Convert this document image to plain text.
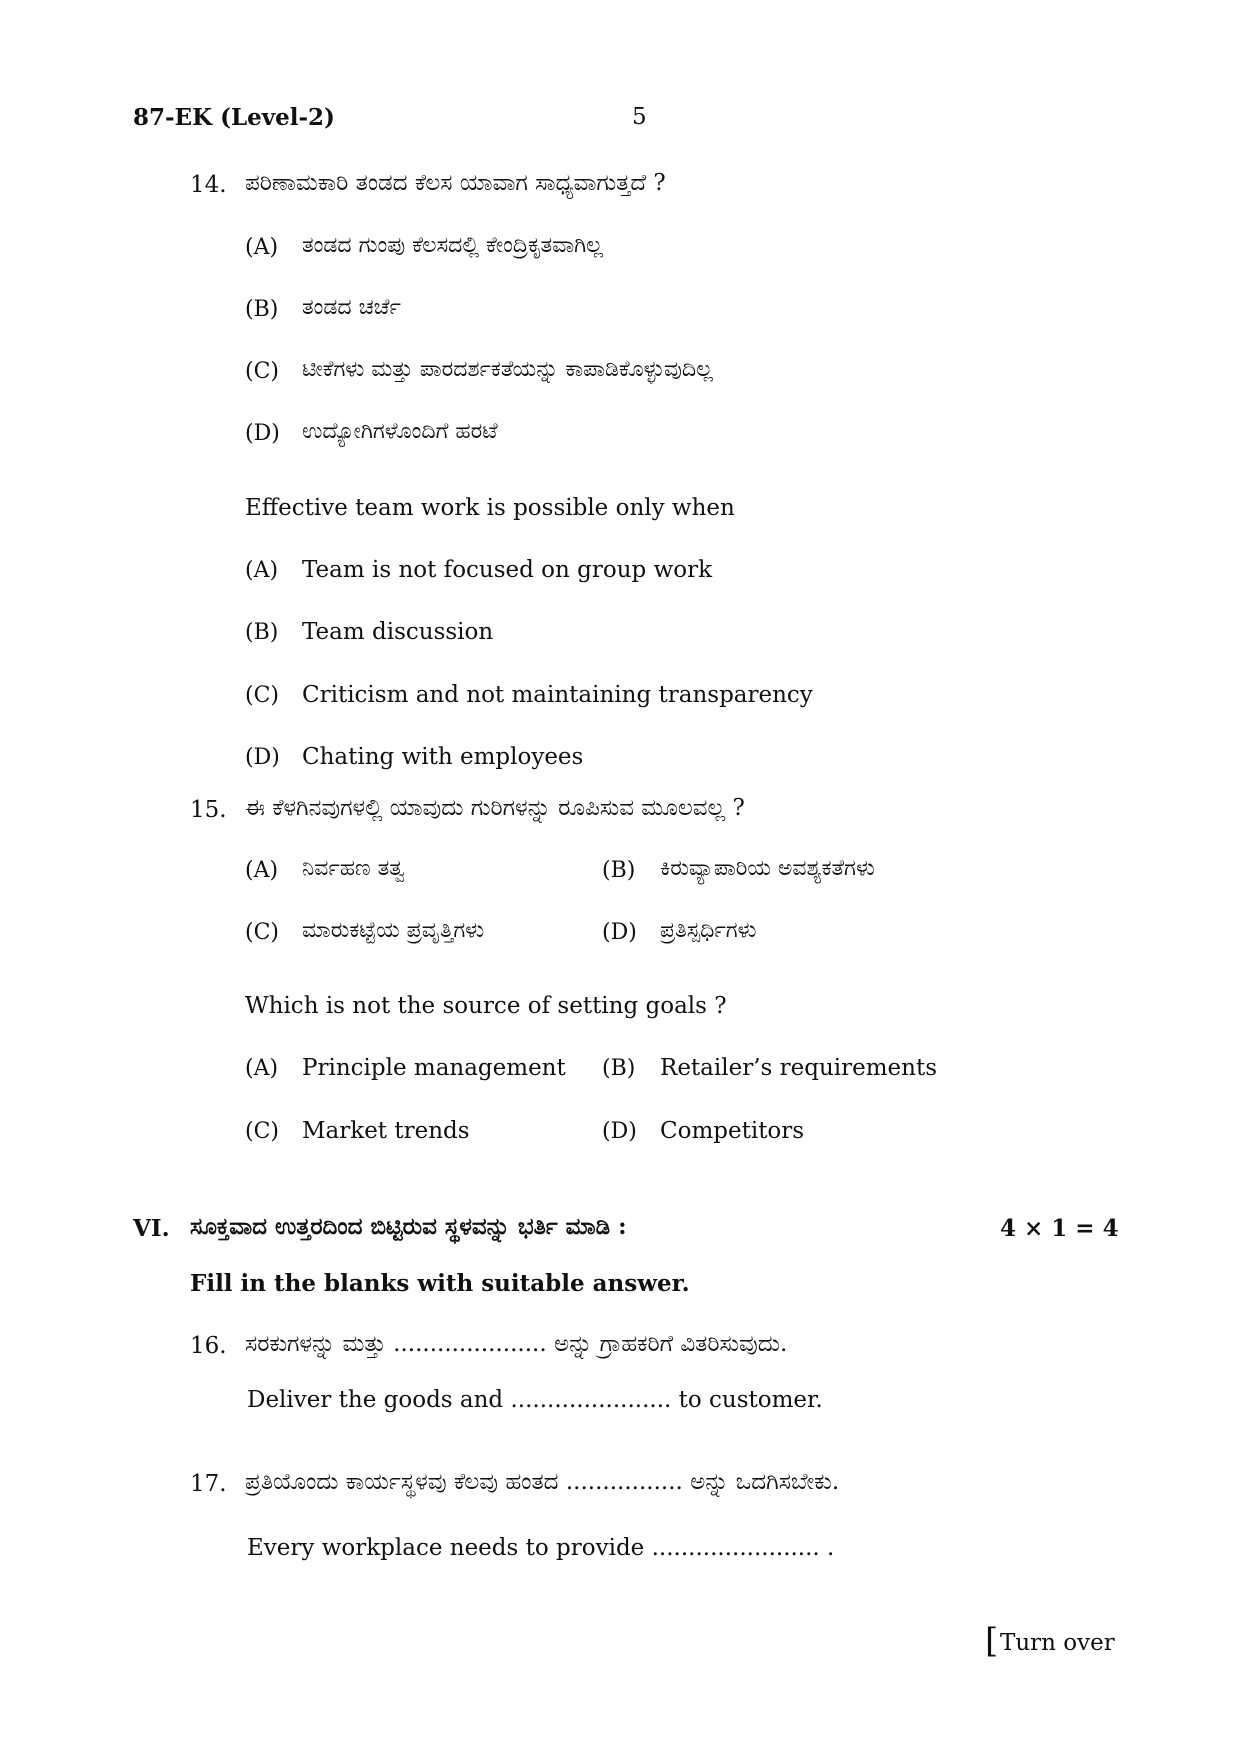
87-EK (Level-2)	5
14. ಪರಿಣಾಮಕಾರಿ ತಂಡದ ಕೆಲಸ ಯಾವಾಗ ಸಾಧ್ಯವಾಗುತ್ತದೆ ?
(A) ತಂಡದ ಗುಂಪು ಕೆಲಸದಲ್ಲಿ ಕೇಂದ್ರಿಕೃತವಾಗಿಲ್ಲ
(B) ತಂಡದ ಚರ್ಚೆ
(C) ಟೀಕೆಗಳು ಮತ್ತು ಪಾರದರ್ಶಕತೆಯನ್ನು ಕಾಪಾಡಿಕೊಳ್ಳುವುದಿಲ್ಲ
(D) ಉದ್ಯೋಗಿಗಳೊಂದಿಗೆ ಹರಟೆ
Effective team work is possible only when
(A) Team is not focused on group work
(B) Team discussion
(C) Criticism and not maintaining transparency
(D) Chating with employees
15. ಈ ಕೆಳಗಿನವುಗಳಲ್ಲಿ ಯಾವುದು ಗುರಿಗಳನ್ನು ರೂಪಿಸುವ ಮೂಲವಲ್ಲ ?
(A) ನಿರ್ವಹಣ ತತ್ವ	(B) ಕಿರುವ್ಯಾಪಾರಿಯ ಅವಶ್ಯಕತೆಗಳು
(C) ಮಾರುಕಟ್ಟೆಯ ಪ್ರವೃತ್ತಿಗಳು	(D) ಪ್ರತಿಸ್ಪರ್ಧಿಗಳು
Which is not the source of setting goals ?
(A) Principle management (B) Retailer’s requirements
(C) Market trends	(D) Competitors
VI. ಸೂಕ್ತವಾದ ಉತ್ತರದಿಂದ ಬಿಟ್ಟಿರುವ ಸ್ಥಳವನ್ನು ಭರ್ತಿ ಮಾಡಿ :	4 × 1 = 4
Fill in the blanks with suitable answer.
16. ಸರಕುಗಳನ್ನು ಮತ್ತು ..................... ಅನ್ನು ಗ್ರಾಹಕರಿಗೆ ವಿತರಿಸುವುದು.
Deliver the goods and ...................... to customer.
17. ಪ್ರತಿಯೊಂದು ಕಾರ್ಯಸ್ಥಳವು ಕೆಲವು ಹಂತದ ................ ಅನ್ನು ಒದಗಿಸಬೇಕು.
Every workplace needs to provide ....................... .
[ Turn over
